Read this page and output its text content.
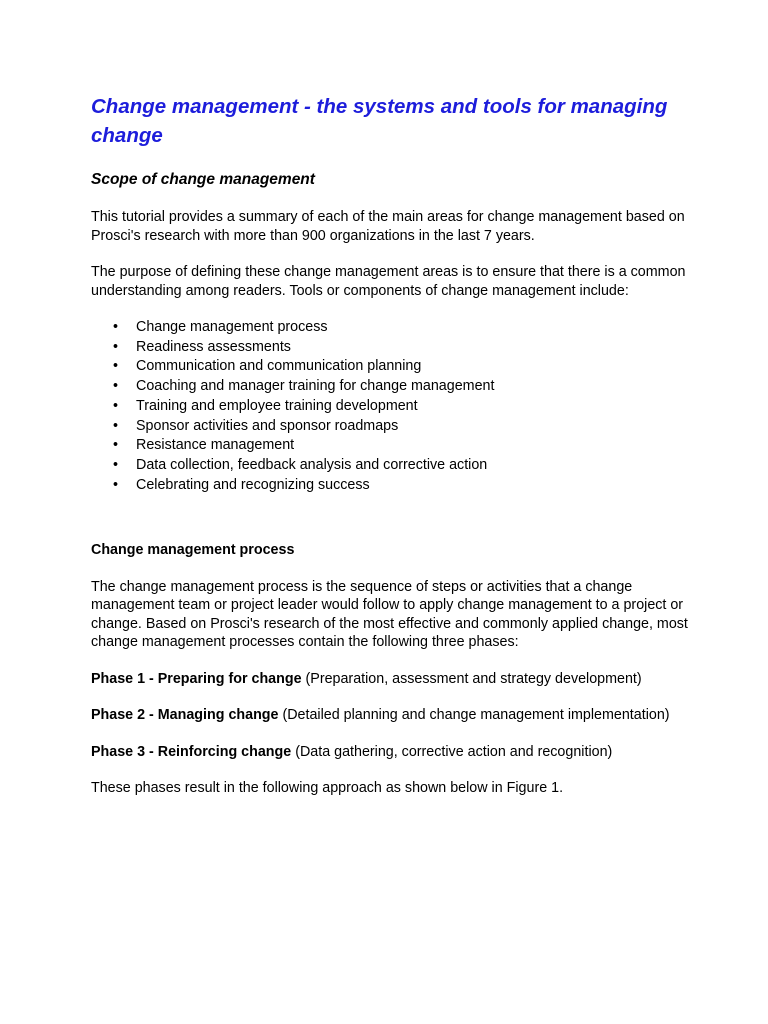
Change management - the systems and tools for managing change
Scope of change management

This tutorial provides a summary of each of the main areas for change management based on Prosci's research with more than 900 organizations in the last 7 years.

The purpose of defining these change management areas is to ensure that there is a common understanding among readers. Tools or components of change management include:

• Change management process
• Readiness assessments
• Communication and communication planning
• Coaching and manager training for change management
• Training and employee training development
• Sponsor activities and sponsor roadmaps
• Resistance management
• Data collection, feedback analysis and corrective action
• Celebrating and recognizing success

Change management process

The change management process is the sequence of steps or activities that a change management team or project leader would follow to apply change management to a project or change. Based on Prosci's research of the most effective and commonly applied change, most change management processes contain the following three phases:

Phase 1 - Preparing for change (Preparation, assessment and strategy development)

Phase 2 - Managing change (Detailed planning and change management implementation)

Phase 3 - Reinforcing change (Data gathering, corrective action and recognition)

These phases result in the following approach as shown below in Figure 1.
